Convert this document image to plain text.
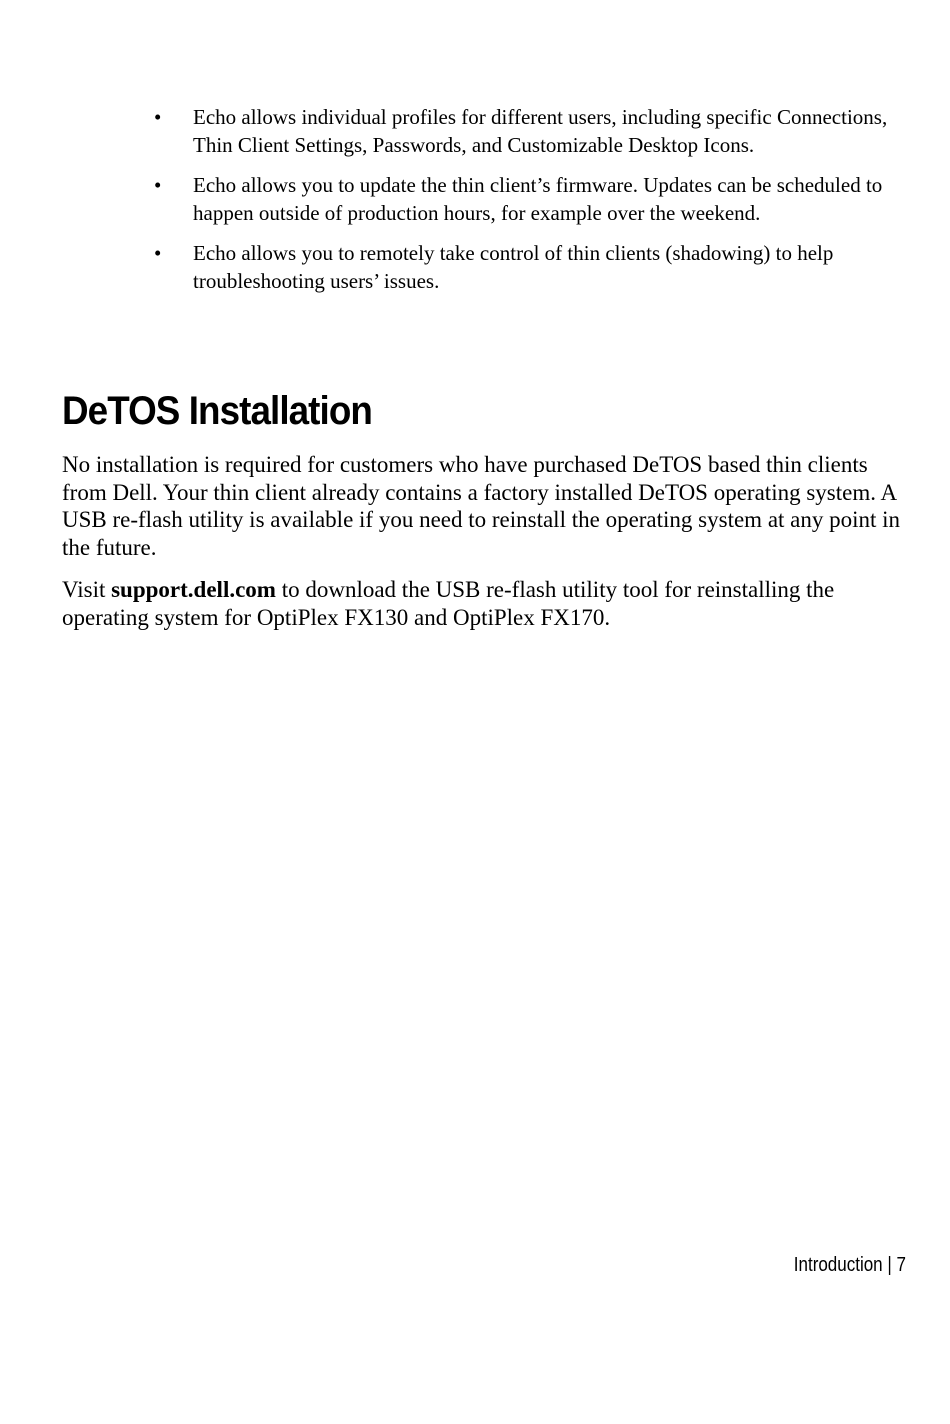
• Echo allows individual profiles for different users, including specific Connections, Thin Client Settings, Passwords, and Customizable Desktop Icons.
• Echo allows you to update the thin client’s firmware. Updates can be scheduled to happen outside of production hours, for example over the weekend.
• Echo allows you to remotely take control of thin clients (shadowing) to help troubleshooting users’ issues.
DeTOS Installation

No installation is required for customers who have purchased DeTOS based thin clients from Dell. Your thin client already contains a factory installed DeTOS operating system. A USB re-flash utility is available if you need to reinstall the operating system at any point in the future.

Visit support.dell.com to download the USB re-flash utility tool for reinstalling the operating system for OptiPlex FX130 and OptiPlex FX170.

Introduction | 7
